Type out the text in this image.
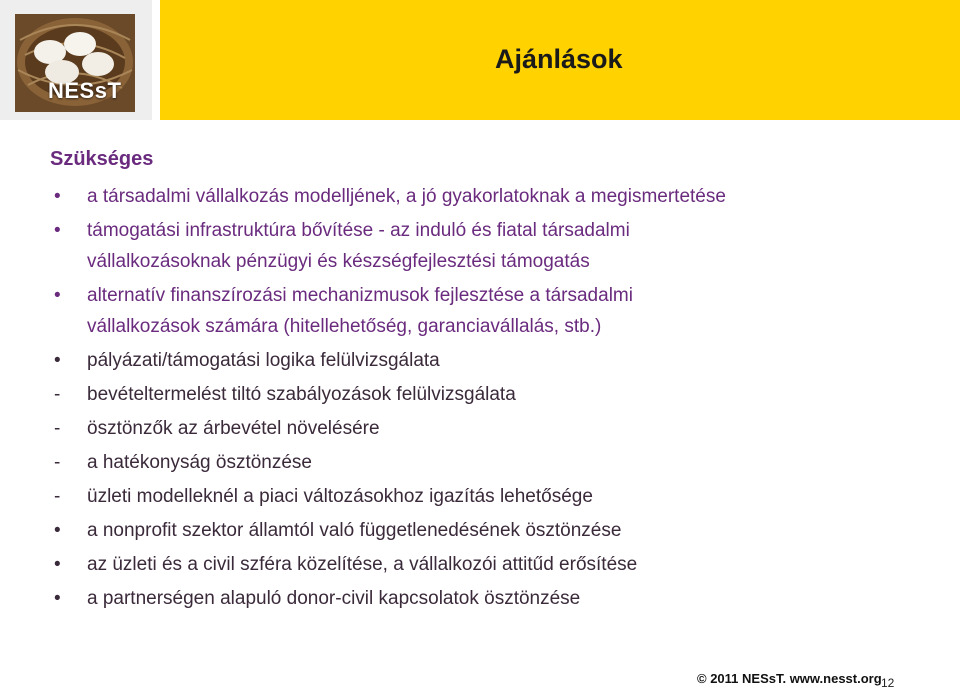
NESsT
Ajánlások
Szükséges
•	a társadalmi vállalkozás modelljének, a jó gyakorlatoknak a megismertetése
•	támogatási infrastruktúra bővítése - az induló és fiatal társadalmi
vállalkozásoknak pénzügyi és készségfejlesztési támogatás
•	alternatív finanszírozási mechanizmusok fejlesztése a társadalmi
vállalkozások számára (hitellehetőség, garanciavállalás, stb.)
•	pályázati/támogatási logika felülvizsgálata
-	bevételtermelést tiltó szabályozások felülvizsgálata
-	ösztönzők az árbevétel növelésére
-	a hatékonyság ösztönzése
-	üzleti modelleknél a piaci változásokhoz igazítás lehetősége
•	a nonprofit szektor államtól való függetlenedésének ösztönzése
•	az üzleti és a civil szféra közelítése, a vállalkozói attitűd erősítése
•	a partnerségen alapuló donor-civil kapcsolatok ösztönzése
© 2011 NESsT. www.nesst.org 12
